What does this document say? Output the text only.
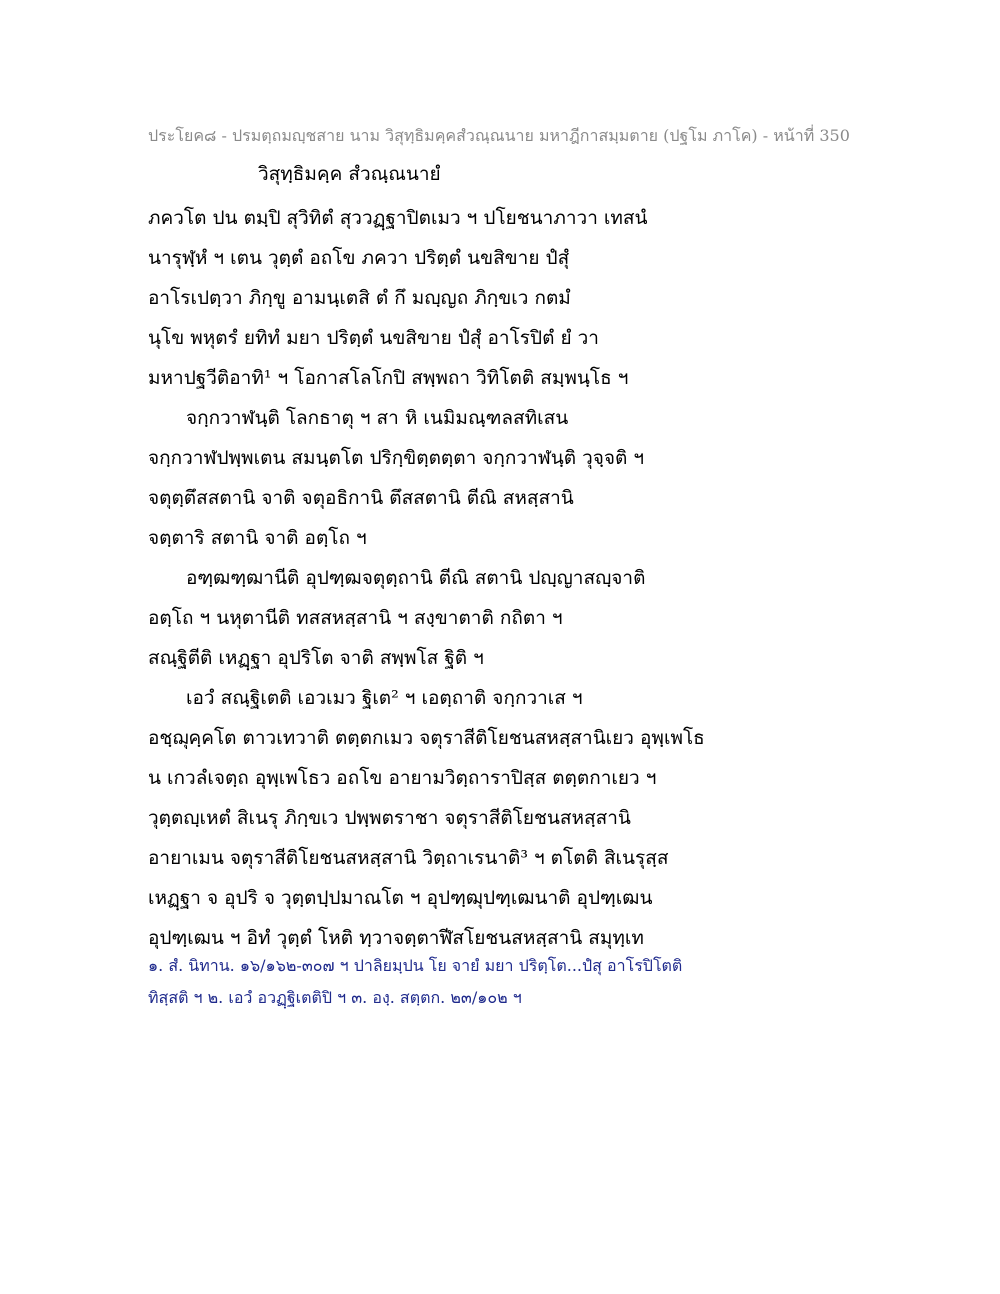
ประโยค๘ - ปรมตฺถมญฺชสาย นาม วิสุทฺธิมคฺคสํวณฺณนาย มหาฎีกาสมฺมตาย (ปฐโม ภาโค) - หน้าที่ 350
วิสุทฺธิมคฺค สํวณฺณนายํ
ภควโต ปน ตมฺปิ สุวิทิตํ สุววฏฺฐาปิตเมว ฯ ปโยชนาภาวา เทสนํ
นารุฬฺหํ ฯ เตน วุตฺตํ อถโข ภควา ปริตฺตํ นขสิขาย ปํสุํ
อาโรเปตฺวา ภิกฺขู อามนฺเตสิ ตํ กึ มญฺญถ ภิกฺขเว กตมํ
นุโข พหุตรํ ยทิทํ มยา ปริตฺตํ นขสิขาย ปํสุํ อาโรปิตํ ยํ วา
มหาปฐวีติอาทิ¹ ฯ โอกาสโลโกปิ สพฺพถา วิทิโตติ สมฺพนฺโธ ฯ
จกฺกวาฬนฺติ โลกธาตุ ฯ สา หิ เนมิมณฺฑลสทิเสน
จกฺกวาฬปพฺพเตน สมนฺตโต ปริกฺขิตฺตตฺตา จกฺกวาฬนฺติ วุจฺจติ ฯ
จตุตฺตึสสตานิ จาติ จตุอธิกานิ ตึสสตานิ ตีณิ สหสฺสานิ
จตฺตาริ สตานิ จาติ อตฺโถ ฯ
อฑฺฒฑฺฒานีติ อุปฑฺฒจตุตฺถานิ ตีณิ สตานิ ปญฺญาสญฺจาติ
อตฺโถ ฯ นหุตานีติ ทสสหสฺสานิ ฯ สงฺขาตาติ กถิตา ฯ
สณฺฐิตีติ เหฏฺฐา อุปริโต จาติ สพฺพโส ฐิติ ฯ
เอวํ สณฺฐิเตติ เอวเมว ฐิเต² ฯ เอตฺถาติ จกฺกวาเส ฯ
อชฺฌุคฺคโต ตาวเทวาติ ตตฺตกเมว จตุราสีติโยชนสหสฺสานิเยว อุพฺเพโธ
น เกวลํเจตฺถ อุพฺเพโธว อถโข อายามวิตฺถาราปิสฺส ตตฺตกาเยว ฯ
วุตฺตญฺเหตํ สิเนรุ ภิกฺขเว ปพฺพตราชา จตุราสีติโยชนสหสฺสานิ
อายาเมน จตุราสีติโยชนสหสฺสานิ วิตฺถาเรนาติ³ ฯ ตโตติ สิเนรุสฺส
เหฏฺฐา จ อุปริ จ วุตฺตปฺปมาณโต ฯ อุปฑฺฒุปฑฺเฒนาติ อุปฑฺเฒน
อุปฑฺเฒน ฯ อิทํ วุตฺตํ โหติ ทฺวาจตฺตาฬีสโยชนสหสฺสานิ สมุทฺเท
๑. สํ. นิทาน. ๑๖/๑๖๒-๓๐๗ ฯ ปาลิยมฺปน โย จายํ มยา ปริตฺโต...ปํสุ อาโรปิโตติ
ทิสฺสติ ฯ ๒. เอวํ อวฏฺฐิเตติปิ ฯ ๓. องฺ. สตฺตก. ๒๓/๑๐๒ ฯ
